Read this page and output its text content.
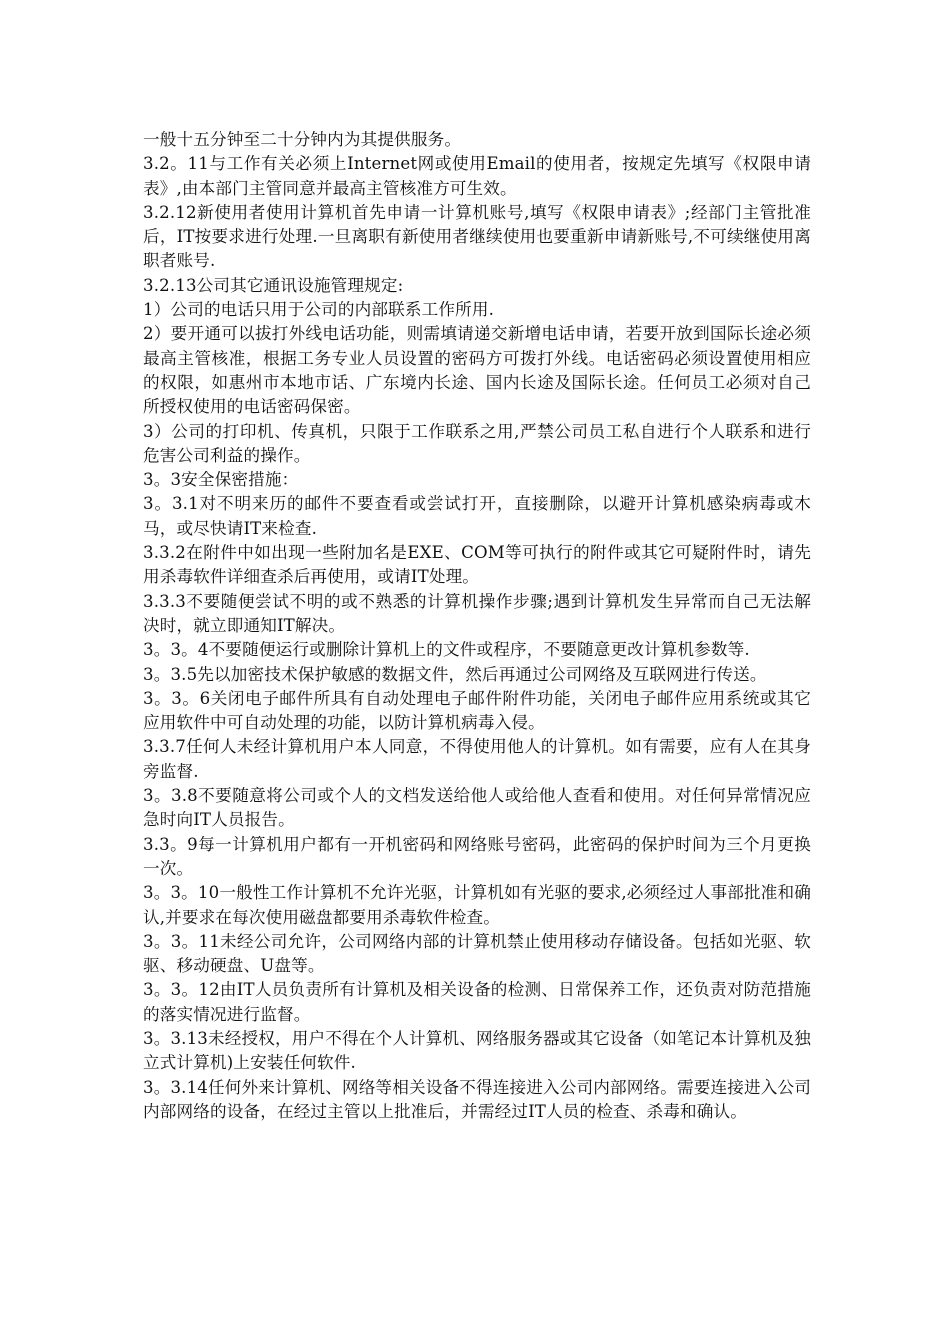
一般十五分钟至二十分钟内为其提供服务。

3.2。11与工作有关必须上Internet网或使用Email的使用者，按规定先填写《权限申请表》,由本部门主管同意并最高主管核准方可生效。

3.2.12新使用者使用计算机首先申请一计算机账号,填写《权限申请表》;经部门主管批准后，IT按要求进行处理.一旦离职有新使用者继续使用也要重新申请新账号,不可续继使用离职者账号.

3.2.13公司其它通讯设施管理规定:

1）公司的电话只用于公司的内部联系工作所用.

2）要开通可以拔打外线电话功能，则需填请递交新增电话申请，若要开放到国际长途必须最高主管核准，根据工务专业人员设置的密码方可拨打外线。电话密码必须设置使用相应的权限，如惠州市本地市话、广东境内长途、国内长途及国际长途。任何员工必须对自己所授权使用的电话密码保密。

3）公司的打印机、传真机，只限于工作联系之用,严禁公司员工私自进行个人联系和进行危害公司利益的操作。

3。3安全保密措施：

3。3.1对不明来历的邮件不要查看或尝试打开，直接删除，以避开计算机感染病毒或木马，或尽快请IT来检查.

3.3.2在附件中如出现一些附加名是EXE、COM等可执行的附件或其它可疑附件时，请先用杀毒软件详细查杀后再使用，或请IT处理。

3.3.3不要随便尝试不明的或不熟悉的计算机操作步骤;遇到计算机发生异常而自己无法解决时，就立即通知IT解决。

3。3。4不要随便运行或删除计算机上的文件或程序，不要随意更改计算机参数等.

3。3.5先以加密技术保护敏感的数据文件，然后再通过公司网络及互联网进行传送。

3。3。6关闭电子邮件所具有自动处理电子邮件附件功能，关闭电子邮件应用系统或其它应用软件中可自动处理的功能，以防计算机病毒入侵。

3.3.7任何人未经计算机用户本人同意，不得使用他人的计算机。如有需要，应有人在其身旁监督.

3。3.8不要随意将公司或个人的文档发送给他人或给他人查看和使用。对任何异常情况应急时向IT人员报告。

3.3。9每一计算机用户都有一开机密码和网络账号密码，此密码的保护时间为三个月更换一次。

3。3。10一般性工作计算机不允许光驱，计算机如有光驱的要求,必须经过人事部批准和确认,并要求在每次使用磁盘都要用杀毒软件检查。

3。3。11未经公司允许，公司网络内部的计算机禁止使用移动存储设备。包括如光驱、软驱、移动硬盘、U盘等。

3。3。12由IT人员负责所有计算机及相关设备的检测、日常保养工作，还负责对防范措施的落实情况进行监督。

3。3.13未经授权，用户不得在个人计算机、网络服务器或其它设备（如笔记本计算机及独立式计算机)上安装任何软件.

3。3.14任何外来计算机、网络等相关设备不得连接进入公司内部网络。需要连接进入公司内部网络的设备，在经过主管以上批准后，并需经过IT人员的检查、杀毒和确认。
